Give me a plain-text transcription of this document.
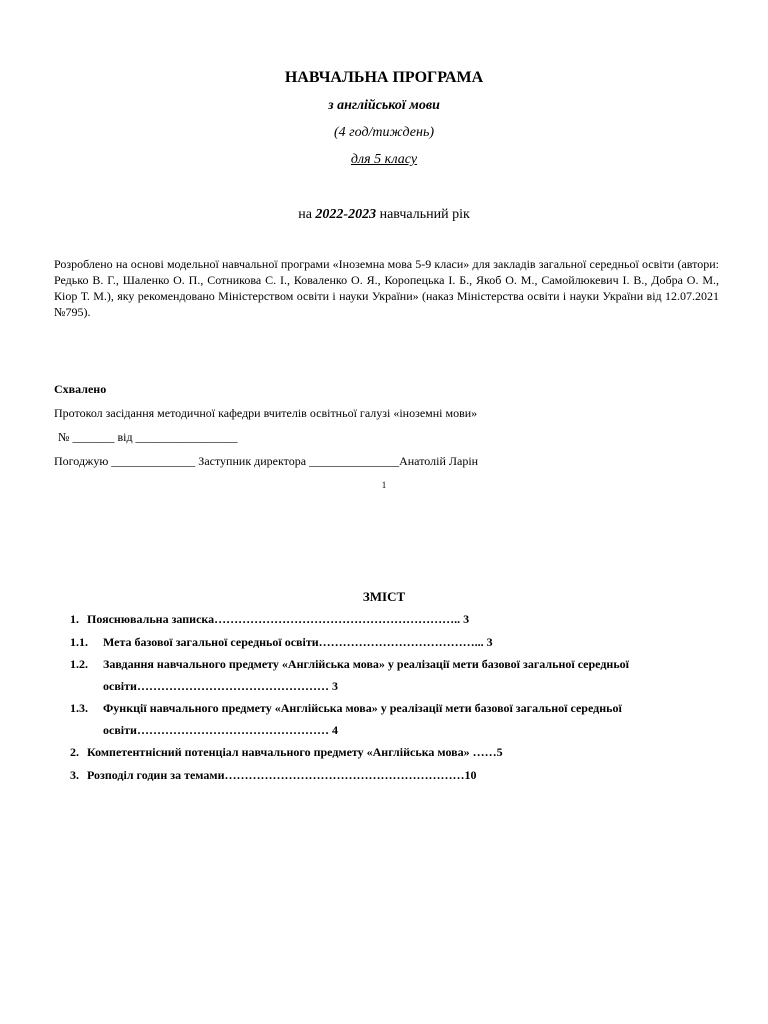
НАВЧАЛЬНА ПРОГРАМА
з англійської мови
(4 год/тиждень)
для 5 класу
на 2022-2023 навчальний рік
Розроблено на основі модельної навчальної програми «Іноземна мова 5-9 класи» для закладів загальної середньої освіти (автори: Редько В. Г., Шаленко О. П., Сотникова С. І., Коваленко О. Я., Коропецька І. Б., Якоб О. М., Самойлюкевич І. В., Добра О. М., Кіор Т. М.), яку рекомендовано Міністерством освіти і науки України» (наказ Міністерства освіти і науки України від 12.07.2021 №795).
Схвалено
Протокол засідання методичної кафедри вчителів освітньої галузі «іноземні мови»
№ _______ від _________________
Погоджую ______________ Заступник директора _______________Анатолій Ларін
1
ЗМІСТ
1. Пояснювальна записка…………………………………………………….. 3
1.1. Мета базової загальної середньої освіти…………………………………... 3
1.2. Завдання навчального предмету «Англійська мова» у реалізації мети базової загальної середньої
освіти………………………………………… 3
1.3. Функції навчального предмету «Англійська мова» у реалізації мети базової загальної середньої
освіти………………………………………… 4
2. Компетентнісний потенціал навчального предмету «Англійська мова» ……5
3. Розподіл годин за темами……………………………………………………10
